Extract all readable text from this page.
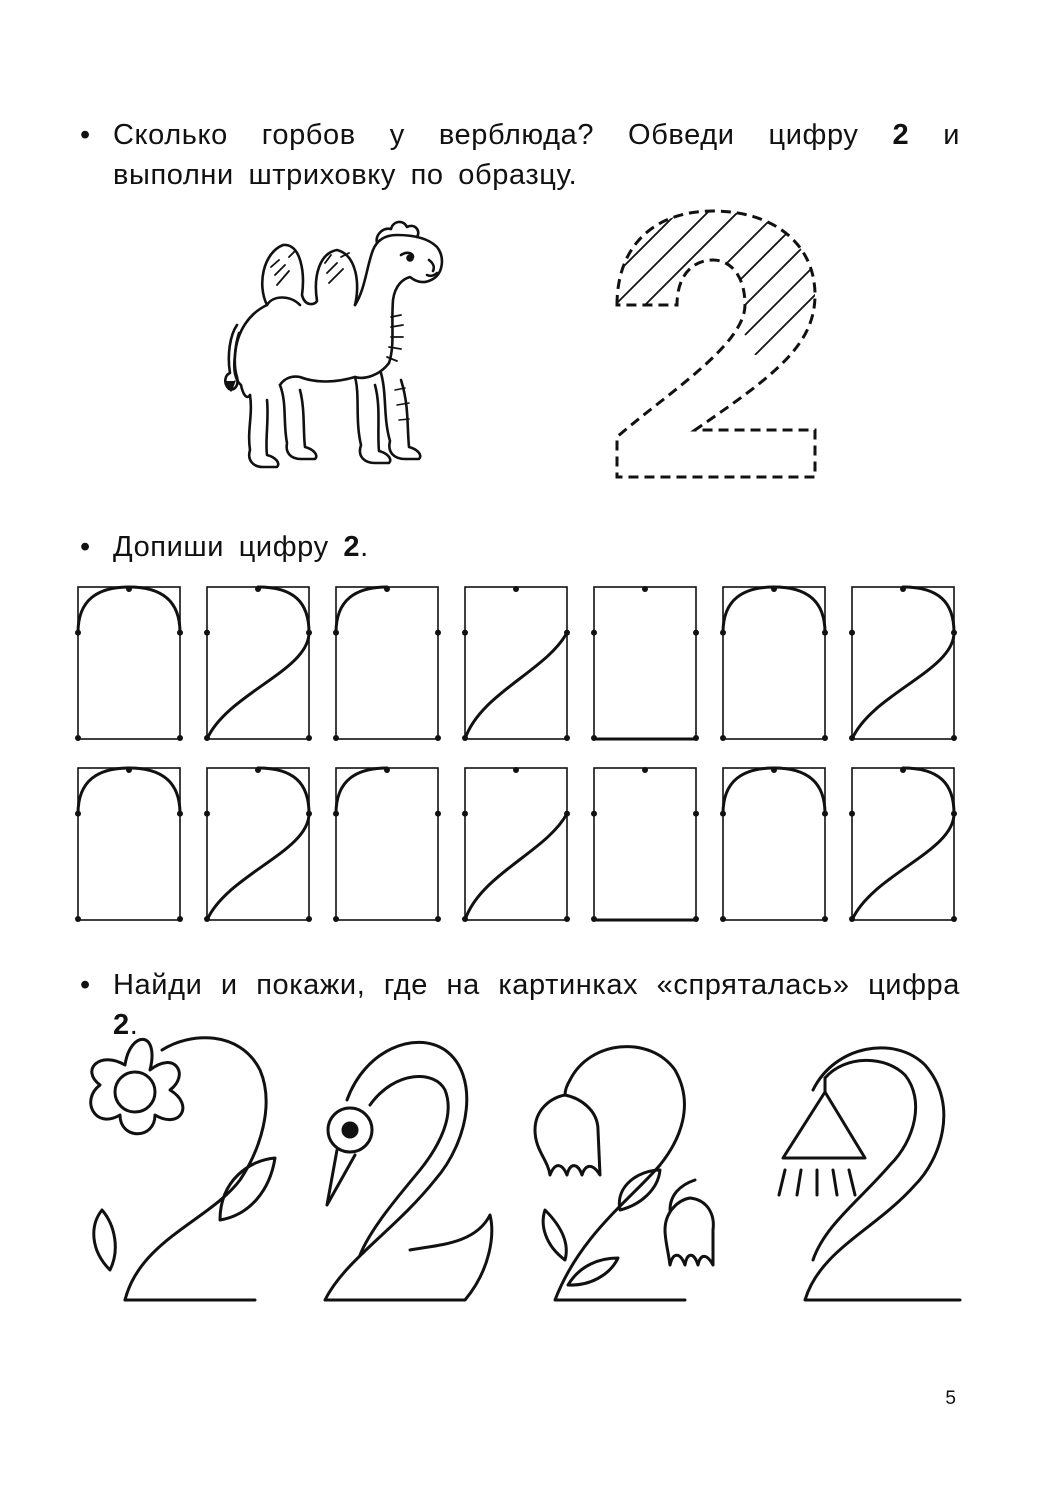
• Сколько горбов у верблюда? Обведи цифру 2 и выполни штриховку по образцу.
• Допиши цифру 2.
• Найди и покажи, где на картинках «спряталась» цифра 2.
5
